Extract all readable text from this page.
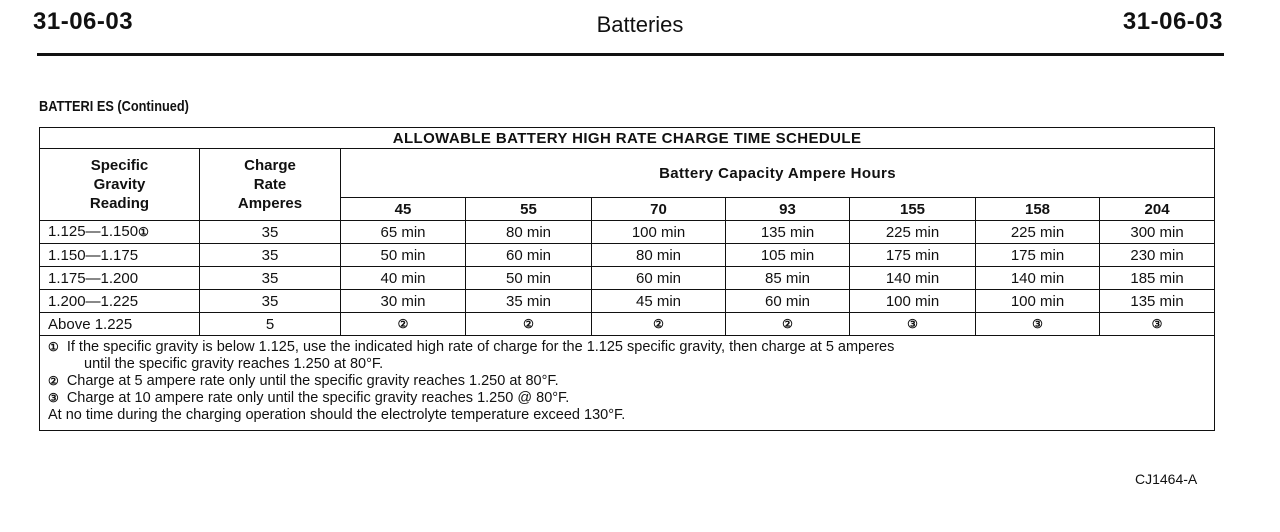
31-06-03	Batteries	31-06-03
BATTERI ES (Continued)
ALLOWABLE BATTERY HIGH RATE CHARGE TIME SCHEDULE								
Specific
Gravity
Reading	Charge
Rate
Amperes	Battery Capacity Ampere Hours						
		45	55	70	93	155	158	204
1.125—1.150①	35	65 min	80 min	100 min	135 min	225 min	225 min	300 min
1.150—1.175	35	50 min	60 min	80 min	105 min	175 min	175 min	230 min
1.175—1.200	35	40 min	50 min	60 min	85 min	140 min	140 min	185 min
1.200—1.225	35	30 min	35 min	45 min	60 min	100 min	100 min	135 min
Above 1.225	5	②	②	②	②	③	③	③

① If the specific gravity is below 1.125, use the indicated high rate of charge for the 1.125 specific gravity, then charge at 5 amperes
until the specific gravity reaches 1.250 at 80°F.
② Charge at 5 ampere rate only until the specific gravity reaches 1.250 at 80°F.
③ Charge at 10 ampere rate only until the specific gravity reaches 1.250 @ 80°F.
At no time during the charging operation should the electrolyte temperature exceed 130°F.								
CJ1464-A
